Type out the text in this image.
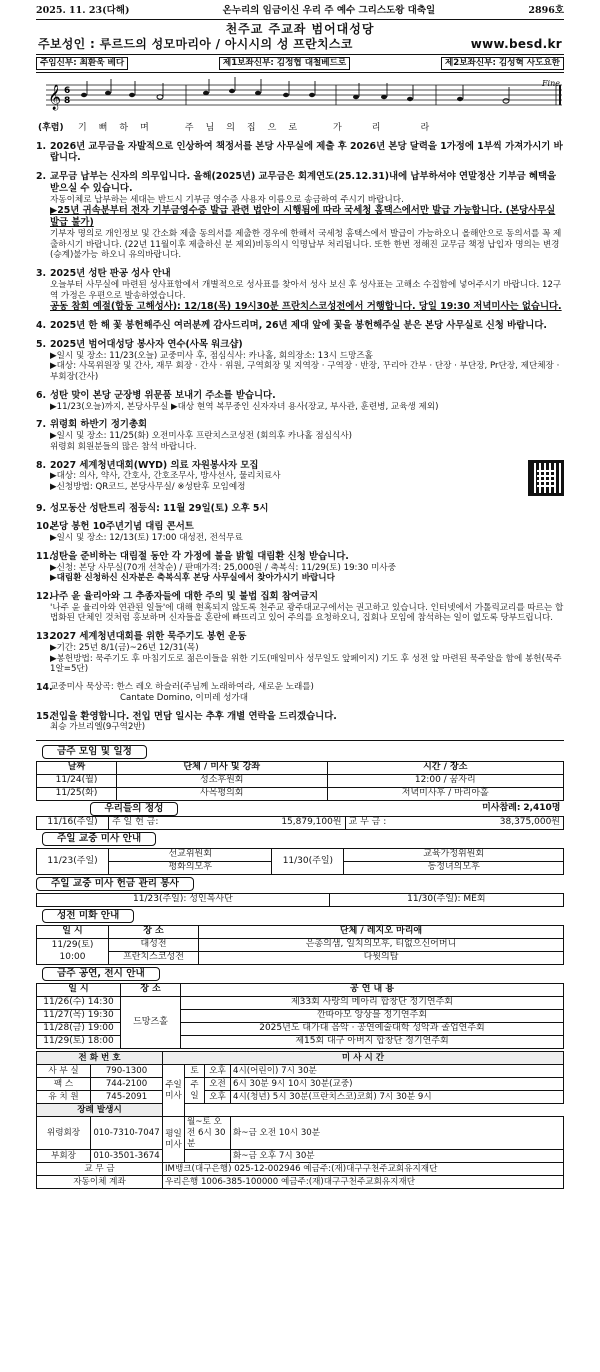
2025. 11. 23(다해)	온누리의 임금이신 우리 주 예수 그리스도왕 대축일	2896호
천주교 주교좌 범어대성당
주보성인 : 루르드의 성모마리아 / 아시시의 성 프란치스코	www.besd.kr
주임신부: 최환욱 베다	제1보좌신부: 김정협 대철베드로	제2보좌신부: 김성혁 사도요한
𝄞 6
8
Fine
(후렴)	기 뻐 하 며	주 님 의 집 으 로	가	리	라
1. 2026년 교무금을 자발적으로 인상하여 책정서를 본당 사무실에 제출 후 2026년 본당 달력을 1가정에 1부씩 가져가시기 바랍니다.
2. 교무금 납부는 신자의 의무입니다. 올해(2025년) 교무금은 회계연도(25.12.31)내에 납부하셔야 연말정산 기부금 혜택을 받으실 수 있습니다.
자동이체로 납부하는 세대는 반드시 기부금 영수증 사용자 이름으로 송금하여 주시기 바랍니다.
▶25년 귀속분부터 전자 기부금영수증 발급 관련 법안이 시행됨에 따라 국세청 홈택스에서만 발급 가능합니다. (본당사무실 발급 불가)
기부자 명의로 개인정보 및 간소화 제출 동의서를 제출한 경우에 한해서 국세청 홈택스에서 발급이 가능하오니 올해안으로 동의서를 꼭 제출하시기 바랍니다. (22년 11월이후 제출하신 분 제외)비동의시 익명납부 처리됩니다. 또한 한번 정해진 교무금 책정 납입자 명의는 변경(승계)불가능 하오니 유의바랍니다.
3. 2025년 성탄 판공 성사 안내
오늘부터 사무실에 마련된 성사표함에서 개별적으로 성사표를 찾아서 성사 보신 후 성사표는 고해소 수집함에 넣어주시기 바랍니다. 12구역 가정은 우편으로 발송하였습니다.
공동 참회 예절(합동 고해성사): 12/18(목) 19시30분 프란치스코성전에서 거행합니다. 당일 19:30 저녁미사는 없습니다.
4. 2025년 한 해 꽃 봉헌해주신 여러분께 감사드리며, 26년 제대 앞에 꽃을 봉헌해주실 분은 본당 사무실로 신청 바랍니다.
5. 2025년 범어대성당 봉사자 연수(사목 워크샵)
▶일시 및 장소: 11/23(오늘) 교중미사 후, 점심식사: 카나홀, 회의장소: 13시 드망즈홀
▶대상: 사목위원장 및 간사, 재무 회장 · 간사 · 위원, 구역회장 및 지역장 · 구역장 · 반장, 꾸리아 간부 · 단장 · 부단장, Pr단장, 제단체장 · 부회장(간사)
6. 성탄 맞이 본당 군장병 위문품 보내기 주소를 받습니다.
▶11/23(오늘)까지, 본당사무실 ▶대상 현역 복무중인 신자자녀 용사(장교, 부사관, 훈련병, 교육생 제외)
7. 위령회 하반기 정기총회
▶일시 및 장소: 11/25(화) 오전미사후 프란치스코성전 (회의후 카나홀 점심식사)
위령회 회원분들의 많은 참석 바랍니다.
8. 2027 세계청년대회(WYD) 의료 자원봉사자 모집
▶대상: 의사, 약사, 간호사, 간호조무사, 방사선사, 물리치료사
▶신청방법: QR코드, 본당사무실/ ※성탄후 모임예정
9. 성모동산 성탄트리 점등식: 11월 29일(토) 오후 5시
10.
본당 봉헌 10주년기념 대림 콘서트
▶일시 및 장소: 12/13(토) 17:00 대성전, 전석무료
11.
성탄을 준비하는 대림절 동안 각 가정에 불을 밝힐 대림환 신청 받습니다.
▶신청: 본당 사무실(70개 선착순) / 판매가격: 25,000원 / 축복식: 11/29(토) 19:30 미사중
▶대림환 신청하신 신자분은 축복식후 본당 사무실에서 찾아가시기 바랍니다
12.
나주 윤 율리아와 그 추종자들에 대한 주의 및 불법 집회 참여금지
'나주 윤 율리아와 연관된 일들'에 대해 현혹되지 않도록 천주교 광주대교구에서는 권고하고 있습니다. 인터넷에서 가톨릭교리를 따르는 합법화된 단체인 것처럼 홍보하며 신자들을 혼란에 빠뜨리고 있어 주의를 요청하오니, 집회나 모임에 참석하는 일이 없도록 당부드립니다.
13.
2027 세계청년대회를 위한 묵주기도 봉헌 운동
▶기간: 25년 8/1(금)~26년 12/31(목)
▶봉헌방법: 묵주기도 후 마침기도로 젊은이들을 위한 기도(매일미사 성무일도 앞페이지) 기도 후 성전 앞 마련된 묵주알을 함에 봉헌(묵주1알=5단)
14.
교중미사 묵상곡: 한스 레오 하슬러(주님께 노래하여라, 새로운 노래를)
Cantate Domino, 이미레 성가대
15.
전입을 환영합니다. 전입 면담 일시는 추후 개별 연락을 드리겠습니다.
최승 가브리엘(9구역2반)
금주 모임 및 일정
날짜	단체 / 미사 및 강좌	시간 / 장소
11/24(월)	성소후원회	12:00 / 꿈자리
11/25(화)	사목평의회	저녁미사후 / 마리아홀
우리들의 정성		미사참례: 2,410명
11/16(주일)	주 일 헌 금: 15,879,100원	교 무 금 : 38,375,000원
주일 교중 미사 안내
11/23(주일)	선교위원회	11/30(주일)	교육가정위원회
	평화의모후		동정녀의모후
주일 교중 미사 헌금 관리 봉사
11/23(주일): 성인복사단	11/30(주일): ME회
성전 미화 안내
일 시	장 소	단체 / 레지오 마리애
11/29(토) 10:00	대성전	은총의샘, 일치의모후, 티없으신어머니
	프란치스코성전	다윗의탑
금주 공연, 전시 안내
일 시	장 소	공 연 내 용
11/26(수) 14:30	드망즈홀	제33회 사랑의 메아리 합창단 정기연주회
11/27(목) 19:30		깐따아모 앙상블 정기연주회
11/28(금) 19:00		2025년도 대가대 음악 · 공연예술대학 성악과 졸업연주회
11/29(토) 18:00		제15회 대구 아버지 합창단 정기연주회
전 화 번 호		미 사 시 간			
사 부 실	790-1300	주일 미사	토	오후	4시(어린이) 7시 30분
팩 스	744-2100		주일	오전	6시 30분 9시 10시 30분(교중)
유 치 원	745-2091			오후	4시(청년) 5시 30분(프란치스코)코회) 7시 30분 9시
장례 발생시					
위령회장	010-7310-7047	평일 미사	월~토 오전 6시 30분		화~금 오전 10시 30분
부회장	010-3501-3674				화~금 오후 7시 30분
교 무 금		IM뱅크(대구은행) 025-12-002946 예금주:(재)대구구천주교회유지재단			
자동이체 계좌		우리은행 1006-385-100000 예금주:(재)대구구천주교회유지재단			
